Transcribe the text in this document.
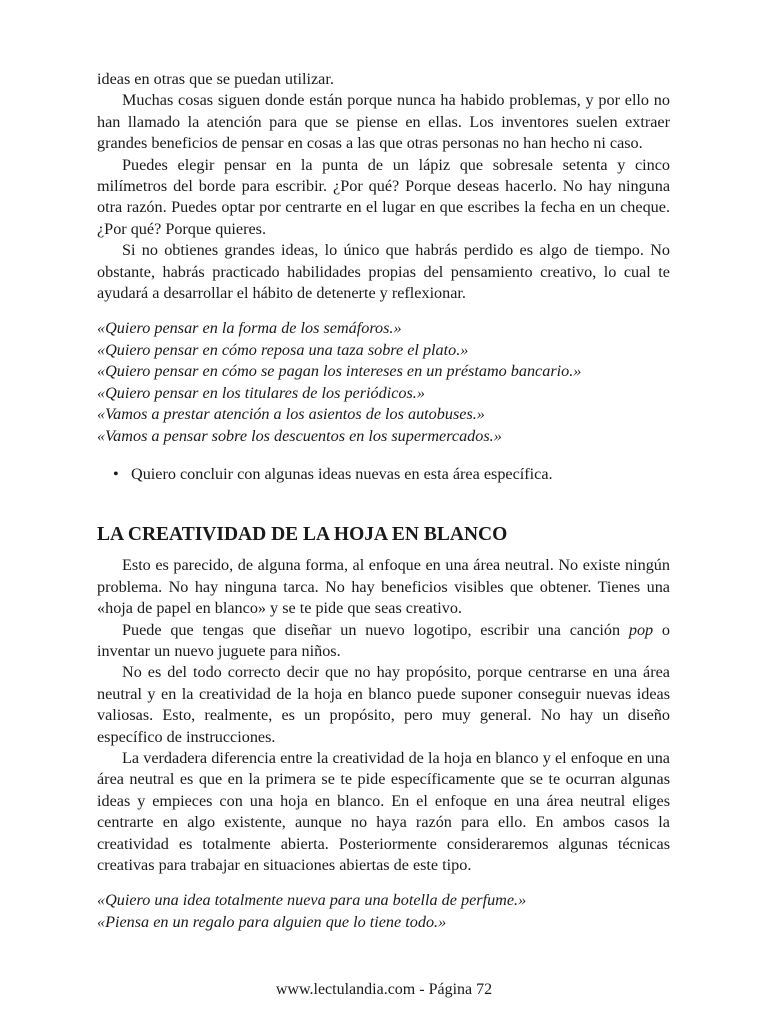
ideas en otras que se puedan utilizar.

Muchas cosas siguen donde están porque nunca ha habido problemas, y por ello no han llamado la atención para que se piense en ellas. Los inventores suelen extraer grandes beneficios de pensar en cosas a las que otras personas no han hecho ni caso.

Puedes elegir pensar en la punta de un lápiz que sobresale setenta y cinco milímetros del borde para escribir. ¿Por qué? Porque deseas hacerlo. No hay ninguna otra razón. Puedes optar por centrarte en el lugar en que escribes la fecha en un cheque. ¿Por qué? Porque quieres.

Si no obtienes grandes ideas, lo único que habrás perdido es algo de tiempo. No obstante, habrás practicado habilidades propias del pensamiento creativo, lo cual te ayudará a desarrollar el hábito de detenerte y reflexionar.

«Quiero pensar en la forma de los semáforos.»
«Quiero pensar en cómo reposa una taza sobre el plato.»
«Quiero pensar en cómo se pagan los intereses en un préstamo bancario.»
«Quiero pensar en los titulares de los periódicos.»
«Vamos a prestar atención a los asientos de los autobuses.»
«Vamos a pensar sobre los descuentos en los supermercados.»
• Quiero concluir con algunas ideas nuevas en esta área específica.
LA CREATIVIDAD DE LA HOJA EN BLANCO

Esto es parecido, de alguna forma, al enfoque en una área neutral. No existe ningún problema. No hay ninguna tarca. No hay beneficios visibles que obtener. Tienes una «hoja de papel en blanco» y se te pide que seas creativo.

Puede que tengas que diseñar un nuevo logotipo, escribir una canción pop o inventar un nuevo juguete para niños.

No es del todo correcto decir que no hay propósito, porque centrarse en una área neutral y en la creatividad de la hoja en blanco puede suponer conseguir nuevas ideas valiosas. Esto, realmente, es un propósito, pero muy general. No hay un diseño específico de instrucciones.

La verdadera diferencia entre la creatividad de la hoja en blanco y el enfoque en una área neutral es que en la primera se te pide específicamente que se te ocurran algunas ideas y empieces con una hoja en blanco. En el enfoque en una área neutral eliges centrarte en algo existente, aunque no haya razón para ello. En ambos casos la creatividad es totalmente abierta. Posteriormente consideraremos algunas técnicas creativas para trabajar en situaciones abiertas de este tipo.

«Quiero una idea totalmente nueva para una botella de perfume.»
«Piensa en un regalo para alguien que lo tiene todo.»
www.lectulandia.com - Página 72
